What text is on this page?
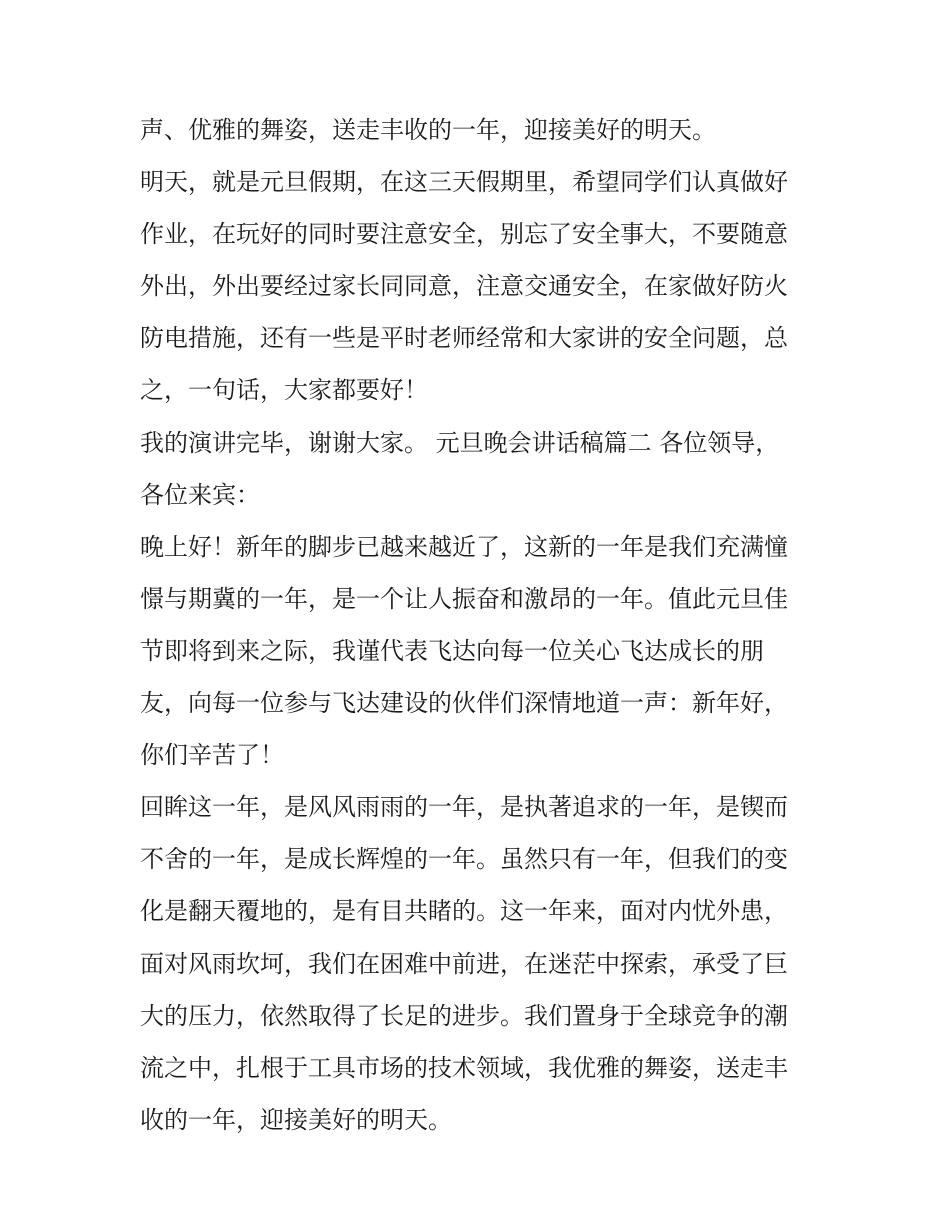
声、优雅的舞姿，送走丰收的一年，迎接美好的明天。
明天，就是元旦假期，在这三天假期里，希望同学们认真做好
作业，在玩好的同时要注意安全，别忘了安全事大，不要随意
外出，外出要经过家长同同意，注意交通安全，在家做好防火
防电措施，还有一些是平时老师经常和大家讲的安全问题，总
之，一句话，大家都要好！
我的演讲完毕，谢谢大家。 元旦晚会讲话稿篇二 各位领导，
各位来宾：
晚上好！新年的脚步已越来越近了，这新的一年是我们充满憧
憬与期冀的一年，是一个让人振奋和激昂的一年。值此元旦佳
节即将到来之际，我谨代表飞达向每一位关心飞达成长的朋
友，向每一位参与飞达建设的伙伴们深情地道一声：新年好，
你们辛苦了！
回眸这一年，是风风雨雨的一年，是执著追求的一年，是锲而
不舍的一年，是成长辉煌的一年。虽然只有一年，但我们的变
化是翻天覆地的，是有目共睹的。这一年来，面对内忧外患，
面对风雨坎坷，我们在困难中前进，在迷茫中探索，承受了巨
大的压力，依然取得了长足的进步。我们置身于全球竞争的潮
流之中，扎根于工具市场的技术领域，我优雅的舞姿，送走丰
收的一年，迎接美好的明天。
